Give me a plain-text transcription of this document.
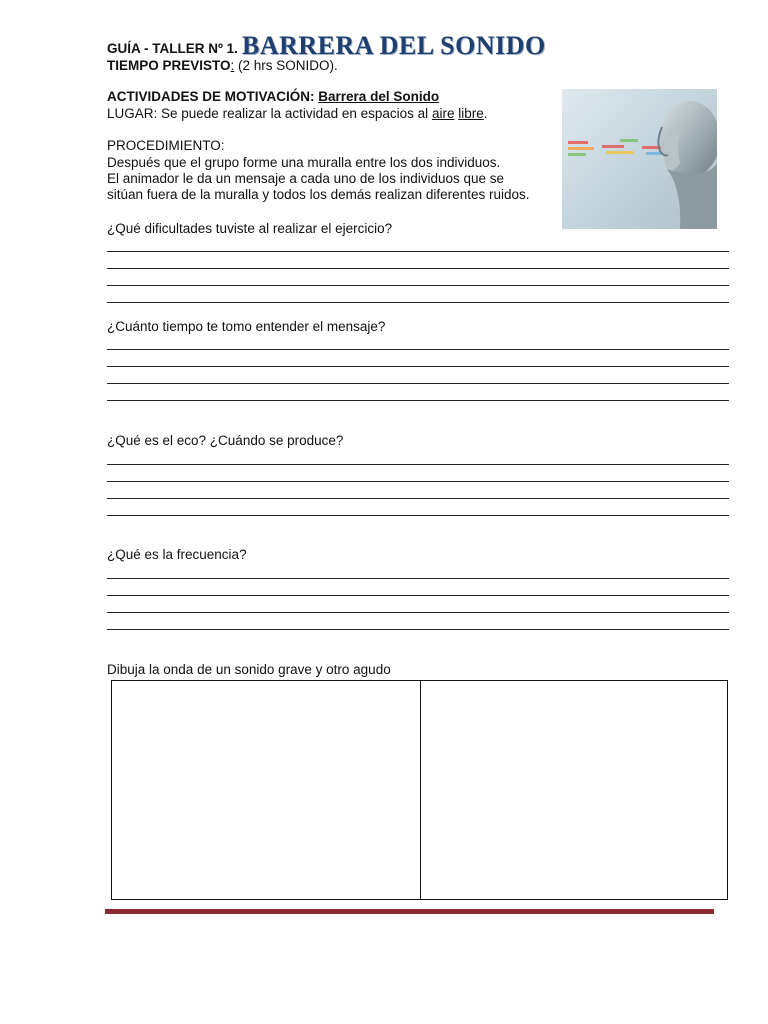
GUÍA - TALLER Nº 1. BARRERA DEL SONIDO
TIEMPO PREVISTO: (2 hrs SONIDO).
ACTIVIDADES DE MOTIVACIÓN: Barrera del Sonido
LUGAR: Se puede realizar la actividad en espacios al aire libre.
PROCEDIMIENTO:
Después que el grupo forme una muralla entre los dos individuos.
El animador le da un mensaje a cada uno de los individuos que se
sitúan fuera de la muralla y todos los demás realizan diferentes ruidos.
¿Qué dificultades tuviste al realizar el ejercicio?
¿Cuánto tiempo te tomo entender el mensaje?
¿Qué es el eco? ¿Cuándo se produce?
¿Qué es la frecuencia?
Dibuja la onda de un sonido grave y otro agudo
